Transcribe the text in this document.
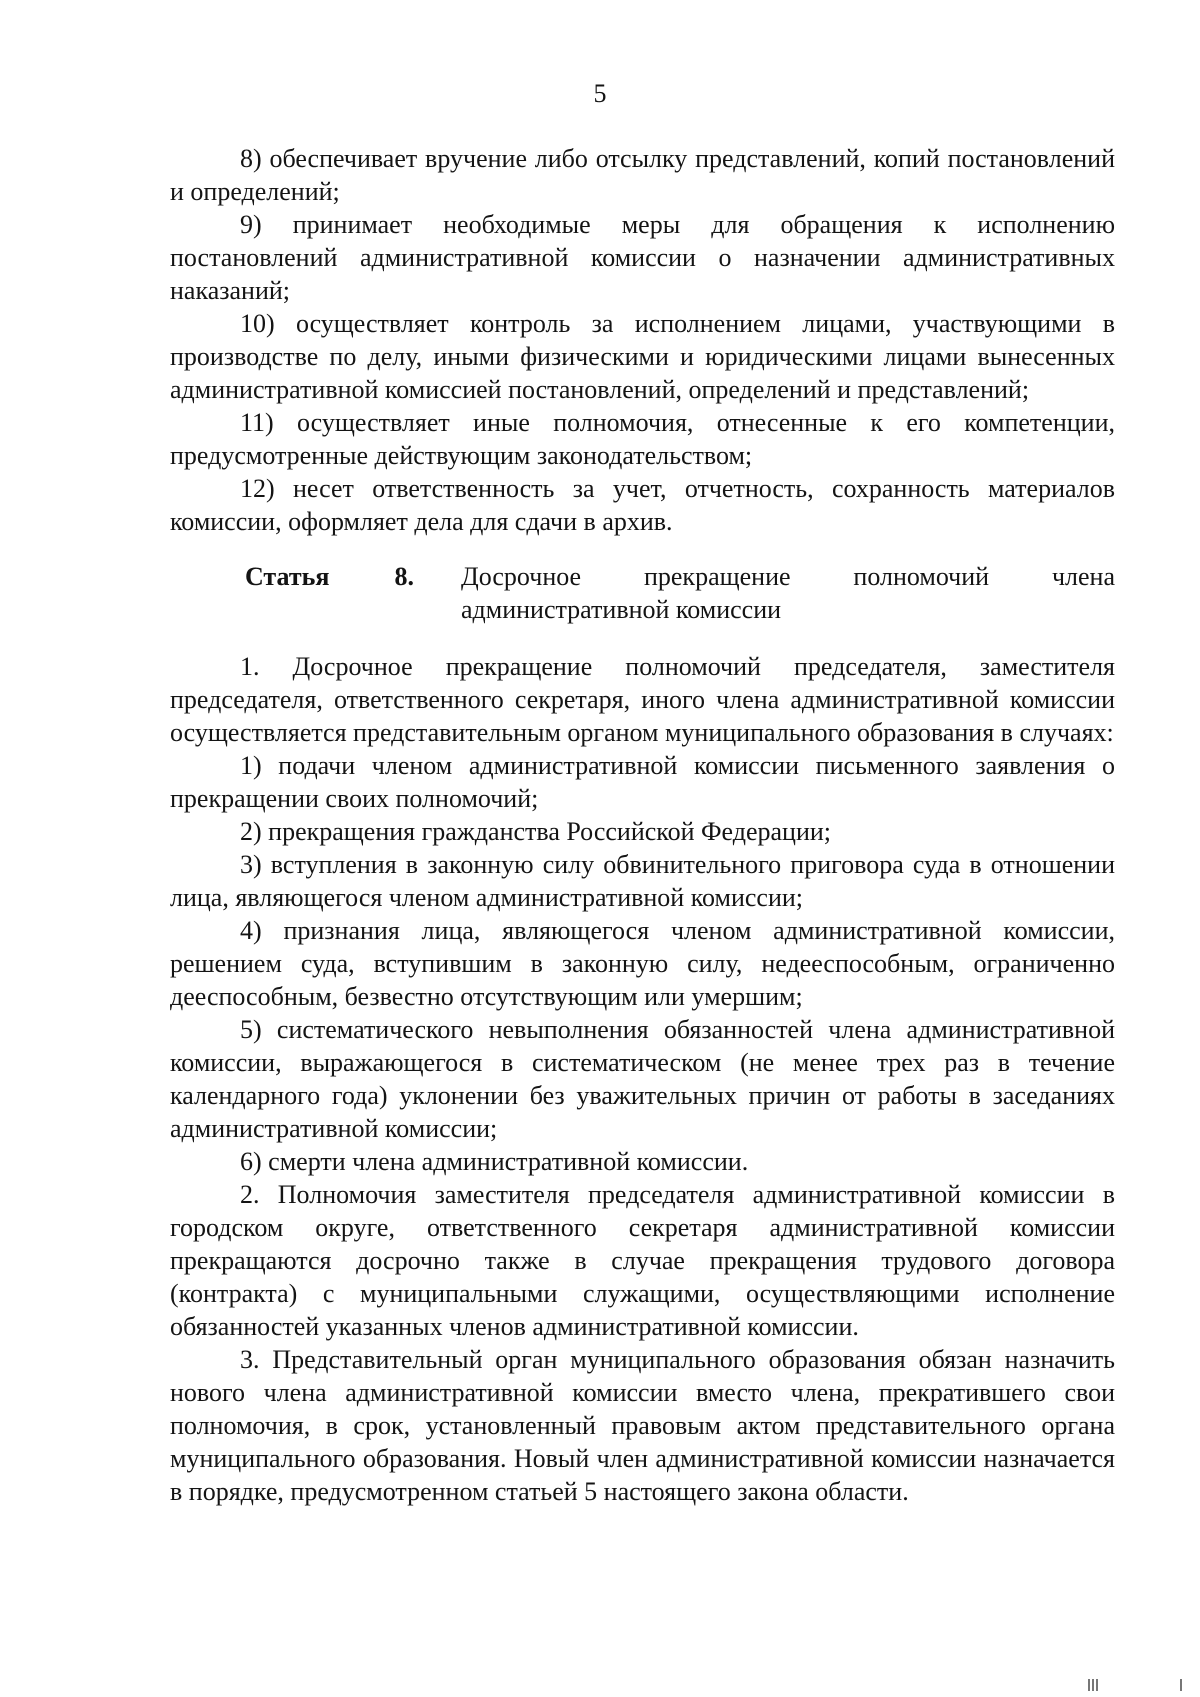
5

8) обеспечивает вручение либо отсылку представлений, копий постановлений и определений;

9) принимает необходимые меры для обращения к исполнению постановлений административной комиссии о назначении административных наказаний;

10) осуществляет контроль за исполнением лицами, участвующими в производстве по делу, иными физическими и юридическими лицами вынесенных административной комиссией постановлений, определений и представлений;

11) осуществляет иные полномочия, отнесенные к его компетенции, предусмотренные действующим законодательством;

12) несет ответственность за учет, отчетность, сохранность материалов комиссии, оформляет дела для сдачи в архив.

Статья	8. Досрочное прекращение полномочий члена
административной комиссии

1. Досрочное прекращение полномочий председателя, заместителя председателя, ответственного секретаря, иного члена административной комиссии осуществляется представительным органом муниципального образования в случаях:

1) подачи членом административной комиссии письменного заявления о прекращении своих полномочий;

2) прекращения гражданства Российской Федерации;

3) вступления в законную силу обвинительного приговора суда в отношении лица, являющегося членом административной комиссии;

4) признания лица, являющегося членом административной комиссии, решением суда, вступившим в законную силу, недееспособным, ограниченно дееспособным, безвестно отсутствующим или умершим;

5) систематического невыполнения обязанностей члена административной комиссии, выражающегося в систематическом (не менее трех раз в течение календарного года) уклонении без уважительных причин от работы в заседаниях административной комиссии;

6) смерти члена административной комиссии.

2. Полномочия заместителя председателя административной комиссии в городском округе, ответственного секретаря административной комиссии прекращаются досрочно также в случае прекращения трудового договора (контракта) с муниципальными служащими, осуществляющими исполнение обязанностей указанных членов административной комиссии.

3. Представительный орган муниципального образования обязан назначить нового члена административной комиссии вместо члена, прекратившего свои полномочия, в срок, установленный правовым актом представительного органа муниципального образования. Новый член административной комиссии назначается в порядке, предусмотренном статьей 5 настоящего закона области.
